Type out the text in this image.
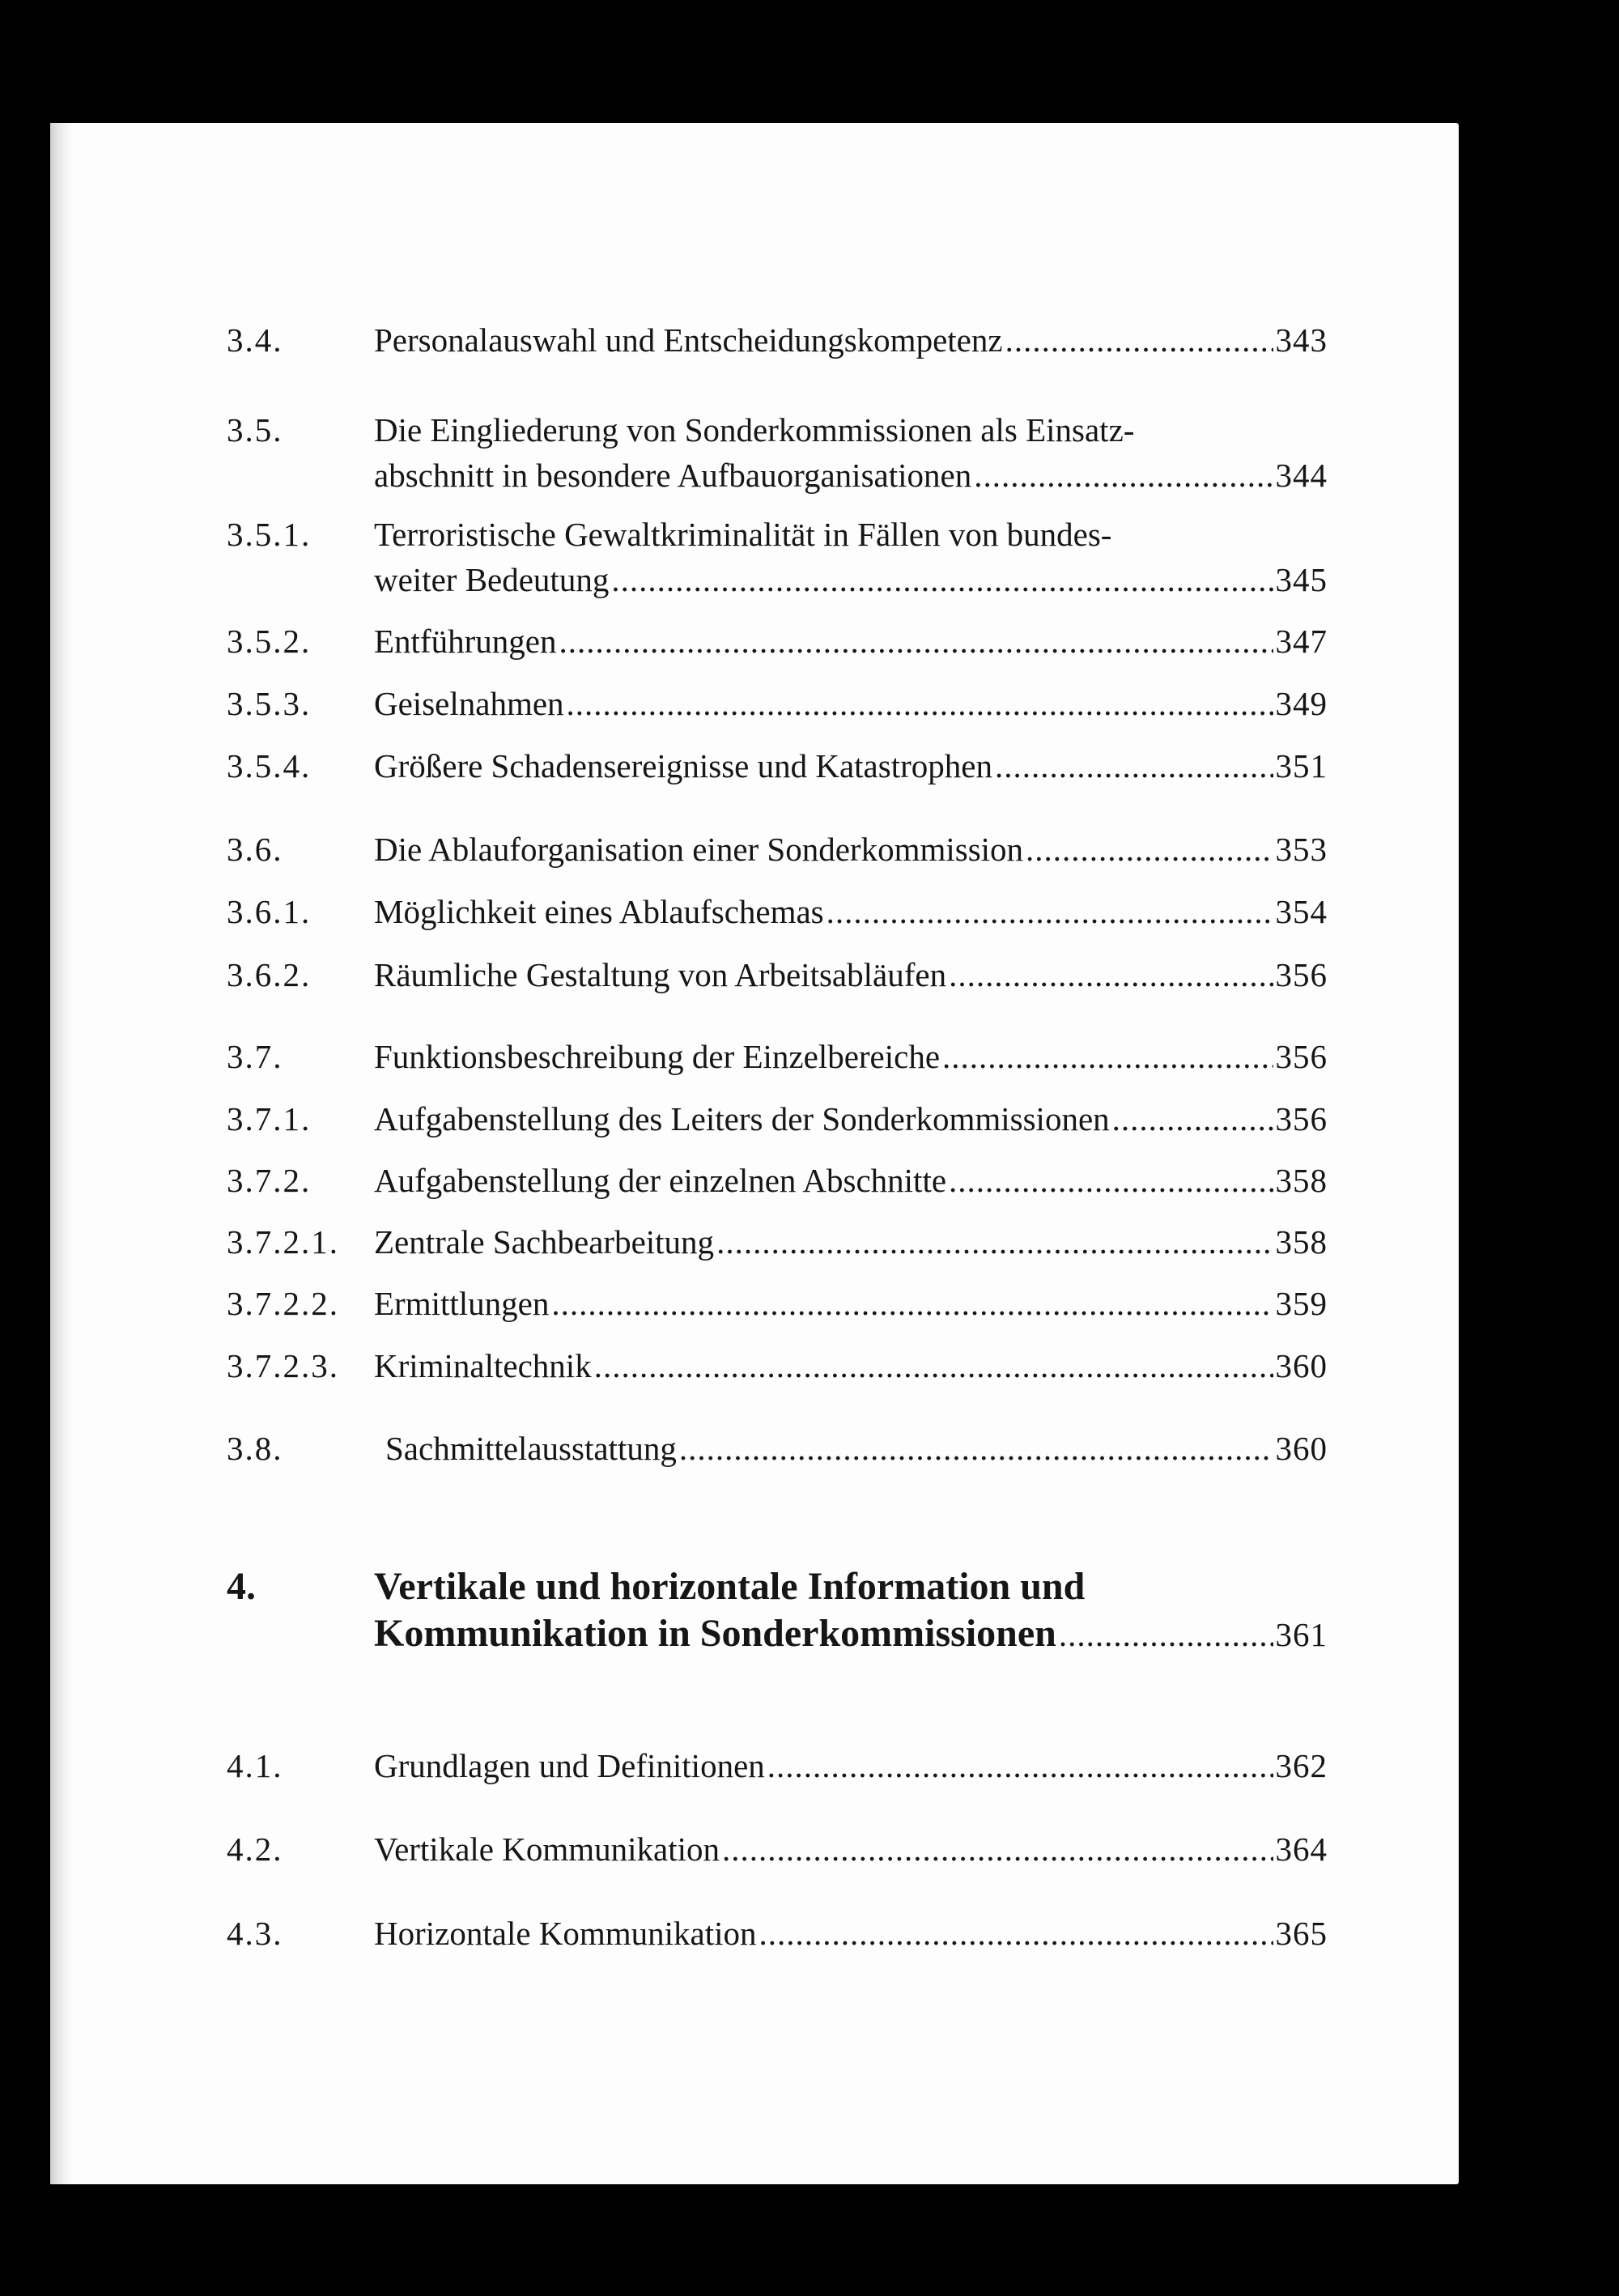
3.4.	Personalauswahl und Entscheidungskompetenz .....	343
3.5.	Die Eingliederung von Sonderkommissionen als Einsatz-
abschnitt in besondere Aufbauorganisationen .....	344
3.5.1. Terroristische Gewaltkriminalität in Fällen von bundes-
weiter Bedeutung .....	345
3.5.2. Entführungen .....	347
3.5.3. Geiselnahmen .....	349
3.5.4. Größere Schadensereignisse und Katastrophen .....	351
3.6.	Die Ablauforganisation einer Sonderkommission .....	353
3.6.1. Möglichkeit eines Ablaufschemas .....	354
3.6.2. Räumliche Gestaltung von Arbeitsabläufen .....	356
3.7.	Funktionsbeschreibung der Einzelbereiche .....	356
3.7.1. Aufgabenstellung des Leiters der Sonderkommissionen .....	356
3.7.2. Aufgabenstellung der einzelnen Abschnitte .....	358
3.7.2.1. Zentrale Sachbearbeitung .....	358
3.7.2.2. Ermittlungen .....	359
3.7.2.3. Kriminaltechnik .....	360
3.8.	Sachmittelausstattung .....	360
4.	Vertikale und horizontale Information und
Kommunikation in Sonderkommissionen .....	361
4.1.	Grundlagen und Definitionen .....	362
4.2.	Vertikale Kommunikation .....	364
4.3.	Horizontale Kommunikation .....	365
